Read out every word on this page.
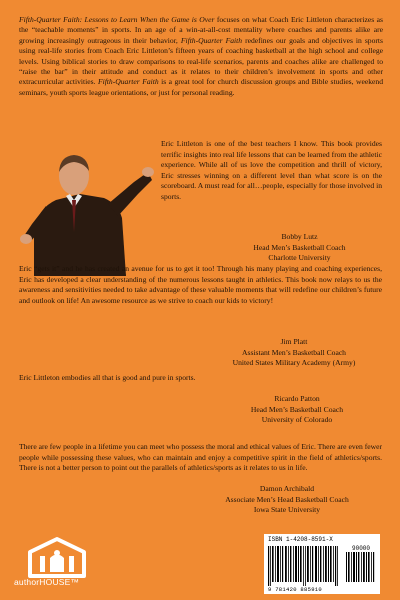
Fifth-Quarter Faith: Lessons to Learn When the Game is Over focuses on what Coach Eric Littleton characterizes as the “teachable moments” in sports. In an age of a win-at-all-cost mentality where coaches and parents alike are growing increasingly outrageous in their behavior, Fifth-Quarter Faith redefines our goals and objectives in sports using real-life stories from Coach Eric Littleton’s fifteen years of coaching basketball at the high school and college levels. Using biblical stories to draw comparisons to real-life scenarios, parents and coaches alike are challenged to “raise the bar” in their attitude and conduct as it relates to their children’s involvement in sports and other extracurricular activities. Fifth-Quarter Faith is a great tool for church discussion groups and Bible studies, weekend seminars, youth sports league orientations, or just for personal reading.

Eric Littleton is one of the best teachers I know. This book provides terrific insights into real life lessons that can be learned from the athletic experience. While all of us love the competition and thrill of victory, Eric stresses winning on a different level than what score is on the scoreboard. A must read for all…people, especially for those involved in sports.

Bobby Lutz
Head Men’s Basketball Coach
Charlotte University

Eric “gets it” and he has created an avenue for us to get it too! Through his many playing and coaching experiences, Eric has developed a clear understanding of the numerous lessons taught in athletics. This book now relays to us the awareness and sensitivities needed to take advantage of these valuable moments that will redefine our children’s future and outlook on life! An awesome resource as we strive to coach our kids to victory!

Jim Platt
Assistant Men’s Basketball Coach
United States Military Academy (Army)

Eric Littleton embodies all that is good and pure in sports.

Ricardo Patton
Head Men’s Basketball Coach
University of Colorado

There are few people in a lifetime you can meet who possess the moral and ethical values of Eric. There are even fewer people while possessing these values, who can maintain and enjoy a competitive spirit in the field of athletics/sports. There is not a better person to point out the parallels of athletics/sports as it relates to us in life.

Damon Archibald
Associate Men’s Head Basketball Coach
Iowa State University
authorHOUSE™
ISBN 1-4208-8591-X
90000
9 781420 885910
